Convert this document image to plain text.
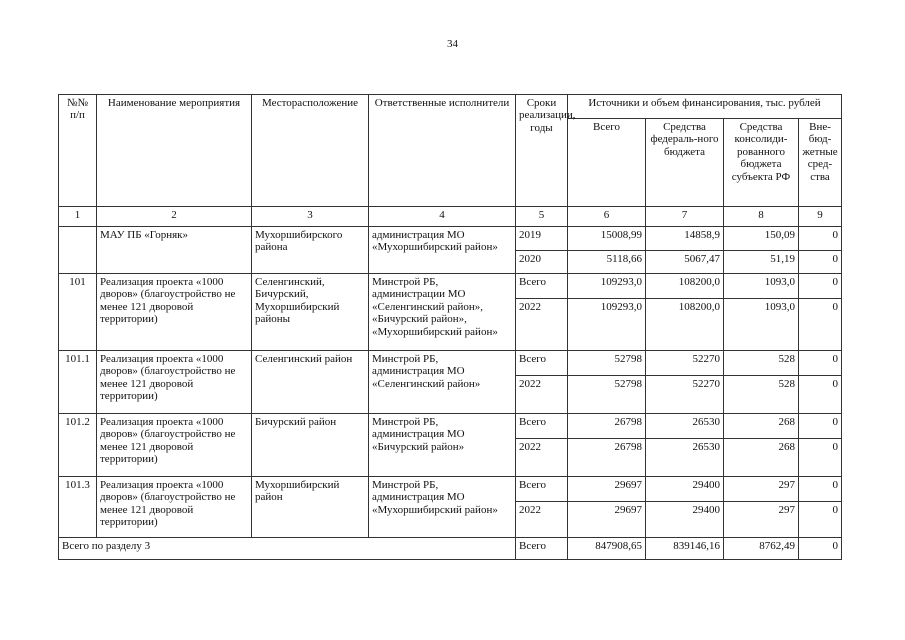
34
№№ п/п	Наименование мероприятия	Месторасположение	Ответственные исполнители	Сроки реализации, годы	Источники и объем финансирования, тыс. рублей			
					Всего	Средства федераль-ного бюджета	Средства консолиди-рованного бюджета субъекта РФ	Вне-бюд-жетные сред-ства
1	2	3	4	5	6	7	8	9
	МАУ ПБ «Горняк»	Мухоршибирского района	администрация МО «Мухоршибирский район»	2019	15008,99	14858,9	150,09	0
				2020	5118,66	5067,47	51,19	0
101	Реализация проекта «1000 дворов» (благоустройство не менее 121 дворовой территории)	Селенгинский, Бичурский, Мухоршибирский районы	Минстрой РБ, администрации МО «Селенгинский район», «Бичурский район», «Мухоршибирский район»	Всего	109293,0	108200,0	1093,0	0
				2022	109293,0	108200,0	1093,0	0
101.1	Реализация проекта «1000 дворов» (благоустройство не менее 121 дворовой территории)	Селенгинский район	Минстрой РБ, администрация МО «Селенгинский район»	Всего	52798	52270	528	0
				2022	52798	52270	528	0
101.2	Реализация проекта «1000 дворов» (благоустройство не менее 121 дворовой территории)	Бичурский район	Минстрой РБ, администрация МО «Бичурский район»	Всего	26798	26530	268	0
				2022	26798	26530	268	0
101.3	Реализация проекта «1000 дворов» (благоустройство не менее 121 дворовой территории)	Мухоршибирский район	Минстрой РБ, администрация МО «Мухоршибирский район»	Всего	29697	29400	297	0
				2022	29697	29400	297	0
Всего по разделу 3				Всего	847908,65	839146,16	8762,49	0
